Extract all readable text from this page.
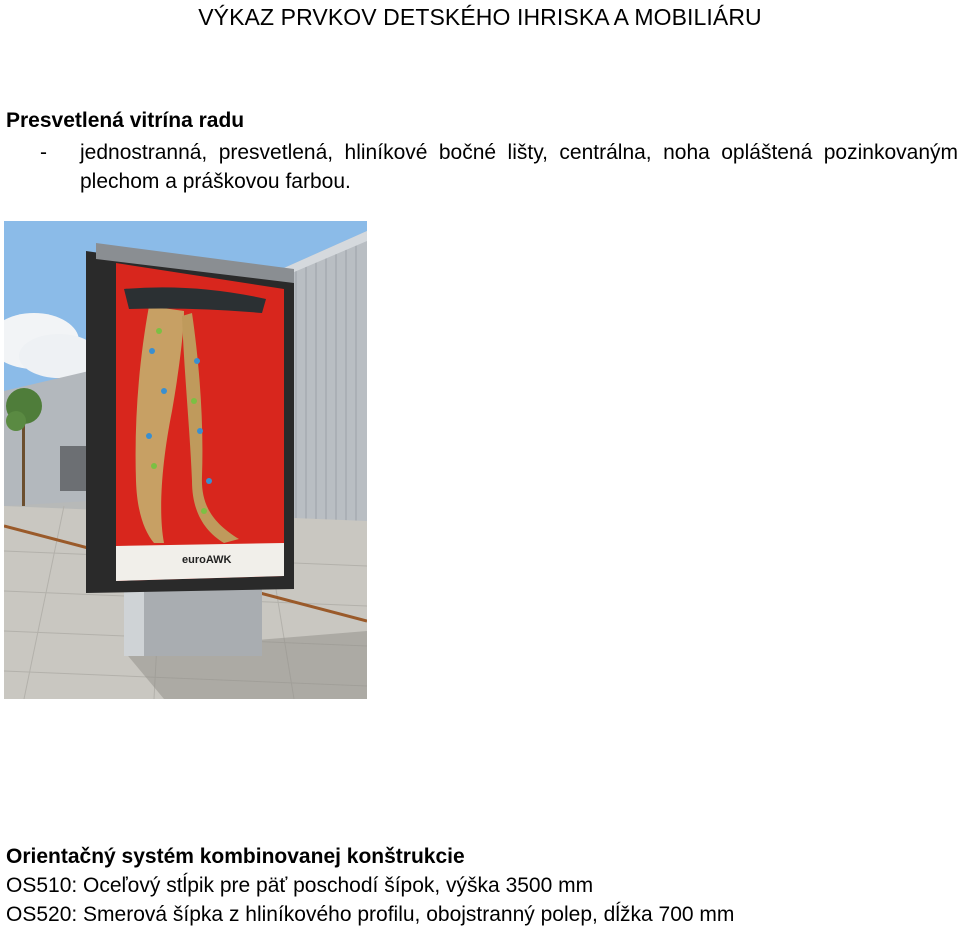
VÝKAZ PRVKOV DETSKÉHO IHRISKA A MOBILIÁRU
Presvetlená vitrína radu
-	jednostranná, presvetlená, hliníkové bočné lišty, centrálna, noha opláštená pozinkovaným plechom a práškovou farbou.
euroAWK
Orientačný systém kombinovanej konštrukcie
OS510: Oceľový stĺpik pre päť poschodí šípok, výška 3500 mm
OS520: Smerová šípka z hliníkového profilu, obojstranný polep, dĺžka 700 mm
